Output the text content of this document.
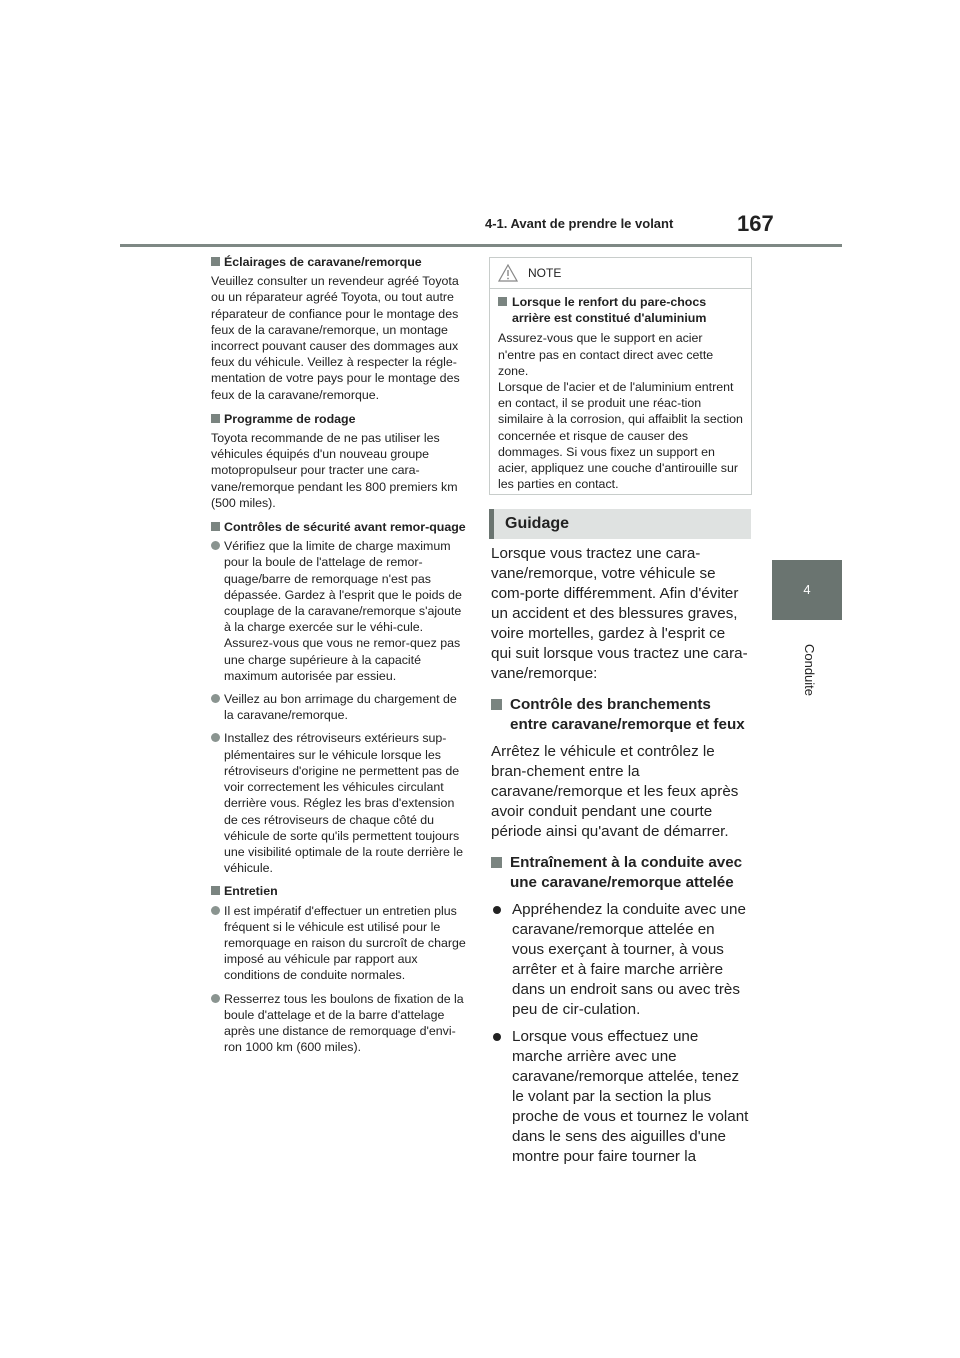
4-1. Avant de prendre le volant	167
4
Conduite
Éclairages de caravane/remorque

Veuillez consulter un revendeur agréé Toyota ou un réparateur agréé Toyota, ou tout autre réparateur de confiance pour le montage des feux de la caravane/remorque, un montage incorrect pouvant causer des dommages aux feux du véhicule. Veillez à respecter la régle-mentation de votre pays pour le montage des feux de la caravane/remorque.

Programme de rodage

Toyota recommande de ne pas utiliser les véhicules équipés d'un nouveau groupe motopropulseur pour tracter une cara-vane/remorque pendant les 800 premiers km (500 miles).

Contrôles de sécurité avant remor-quage
Vérifiez que la limite de charge maximum pour la boule de l'attelage de remor-quage/barre de remorquage n'est pas dépassée. Gardez à l'esprit que le poids de couplage de la caravane/remorque s'ajoute à la charge exercée sur le véhi-cule. Assurez-vous que vous ne remor-quez pas une charge supérieure à la capacité maximum autorisée par essieu.
Veillez au bon arrimage du chargement de la caravane/remorque.
Installez des rétroviseurs extérieurs sup-plémentaires sur le véhicule lorsque les rétroviseurs d'origine ne permettent pas de voir correctement les véhicules circulant derrière vous. Réglez les bras d'extension de ces rétroviseurs de chaque côté du véhicule de sorte qu'ils permettent toujours une visibilité optimale de la route derrière le véhicule.
Entretien
Il est impératif d'effectuer un entretien plus fréquent si le véhicule est utilisé pour le remorquage en raison du surcroît de charge imposé au véhicule par rapport aux conditions de conduite normales.
Resserrez tous les boulons de fixation de la boule d'attelage et de la barre d'attelage après une distance de remorquage d'envi-ron 1000 km (600 miles).
NOTE
Lorsque le renfort du pare-chocs arrière est constitué d'aluminium
Assurez-vous que le support en acier n'entre pas en contact direct avec cette zone.
Lorsque de l'acier et de l'aluminium entrent en contact, il se produit une réac-tion similaire à la corrosion, qui affaiblit la section concernée et risque de causer des dommages. Si vous fixez un support en acier, appliquez une couche d'antirouille sur les parties en contact.
Guidage

Lorsque vous tractez une cara-vane/remorque, votre véhicule se com-porte différemment. Afin d'éviter un accident et des blessures graves, voire mortelles, gardez à l'esprit ce qui suit lorsque vous tractez une cara-vane/remorque:

Contrôle des branchements entre caravane/remorque et feux

Arrêtez le véhicule et contrôlez le bran-chement entre la caravane/remorque et les feux après avoir conduit pendant une courte période ainsi qu'avant de démarrer.

Entraînement à la conduite avec une caravane/remorque attelée
Appréhendez la conduite avec une caravane/remorque attelée en vous exerçant à tourner, à vous arrêter et à faire marche arrière dans un endroit sans ou avec très peu de cir-culation.
Lorsque vous effectuez une marche arrière avec une caravane/remorque attelée, tenez le volant par la section la plus proche de vous et tournez le volant dans le sens des aiguilles d'une montre pour faire tourner la
